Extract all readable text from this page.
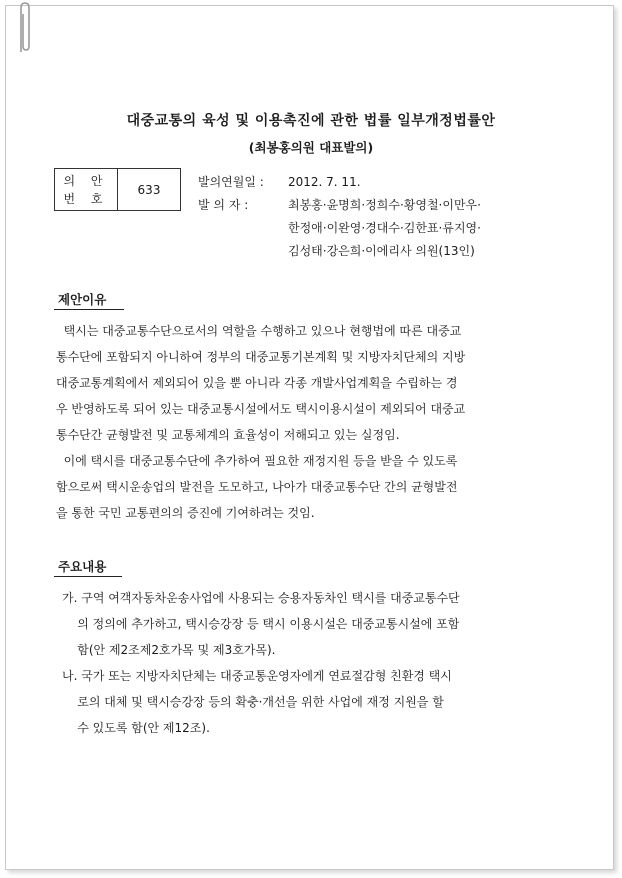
대중교통의 육성 및 이용촉진에 관한 법률 일부개정법률안
(최봉홍의원 대표발의)
의 안
번 호
	633
발의연월일 : 2012. 7. 11.
발 의 자 :	최봉홍·윤명희·정희수·황영철·이만우·
한정애·이완영·경대수·김한표·류지영·
김성태·강은희·이에리사 의원(13인)
제안이유
택시는 대중교통수단으로서의 역할을 수행하고 있으나 현행법에 따른 대중교
통수단에 포함되지 아니하여 정부의 대중교통기본계획 및 지방자치단체의 지방
대중교통계획에서 제외되어 있을 뿐 아니라 각종 개발사업계획을 수립하는 경
우 반영하도록 되어 있는 대중교통시설에서도 택시이용시설이 제외되어 대중교
통수단간 균형발전 및 교통체계의 효율성이 저해되고 있는 실정임.
이에 택시를 대중교통수단에 추가하여 필요한 재정지원 등을 받을 수 있도록
함으로써 택시운송업의 발전을 도모하고, 나아가 대중교통수단 간의 균형발전
을 통한 국민 교통편의의 증진에 기여하려는 것임.
주요내용
가. 구역 여객자동차운송사업에 사용되는 승용자동차인 택시를 대중교통수단
의 정의에 추가하고, 택시승강장 등 택시 이용시설은 대중교통시설에 포함
함(안 제2조제2호가목 및 제3호가목).
나. 국가 또는 지방자치단체는 대중교통운영자에게 연료절감형 친환경 택시
로의 대체 및 택시승강장 등의 확충·개선을 위한 사업에 재정 지원을 할
수 있도록 함(안 제12조).
